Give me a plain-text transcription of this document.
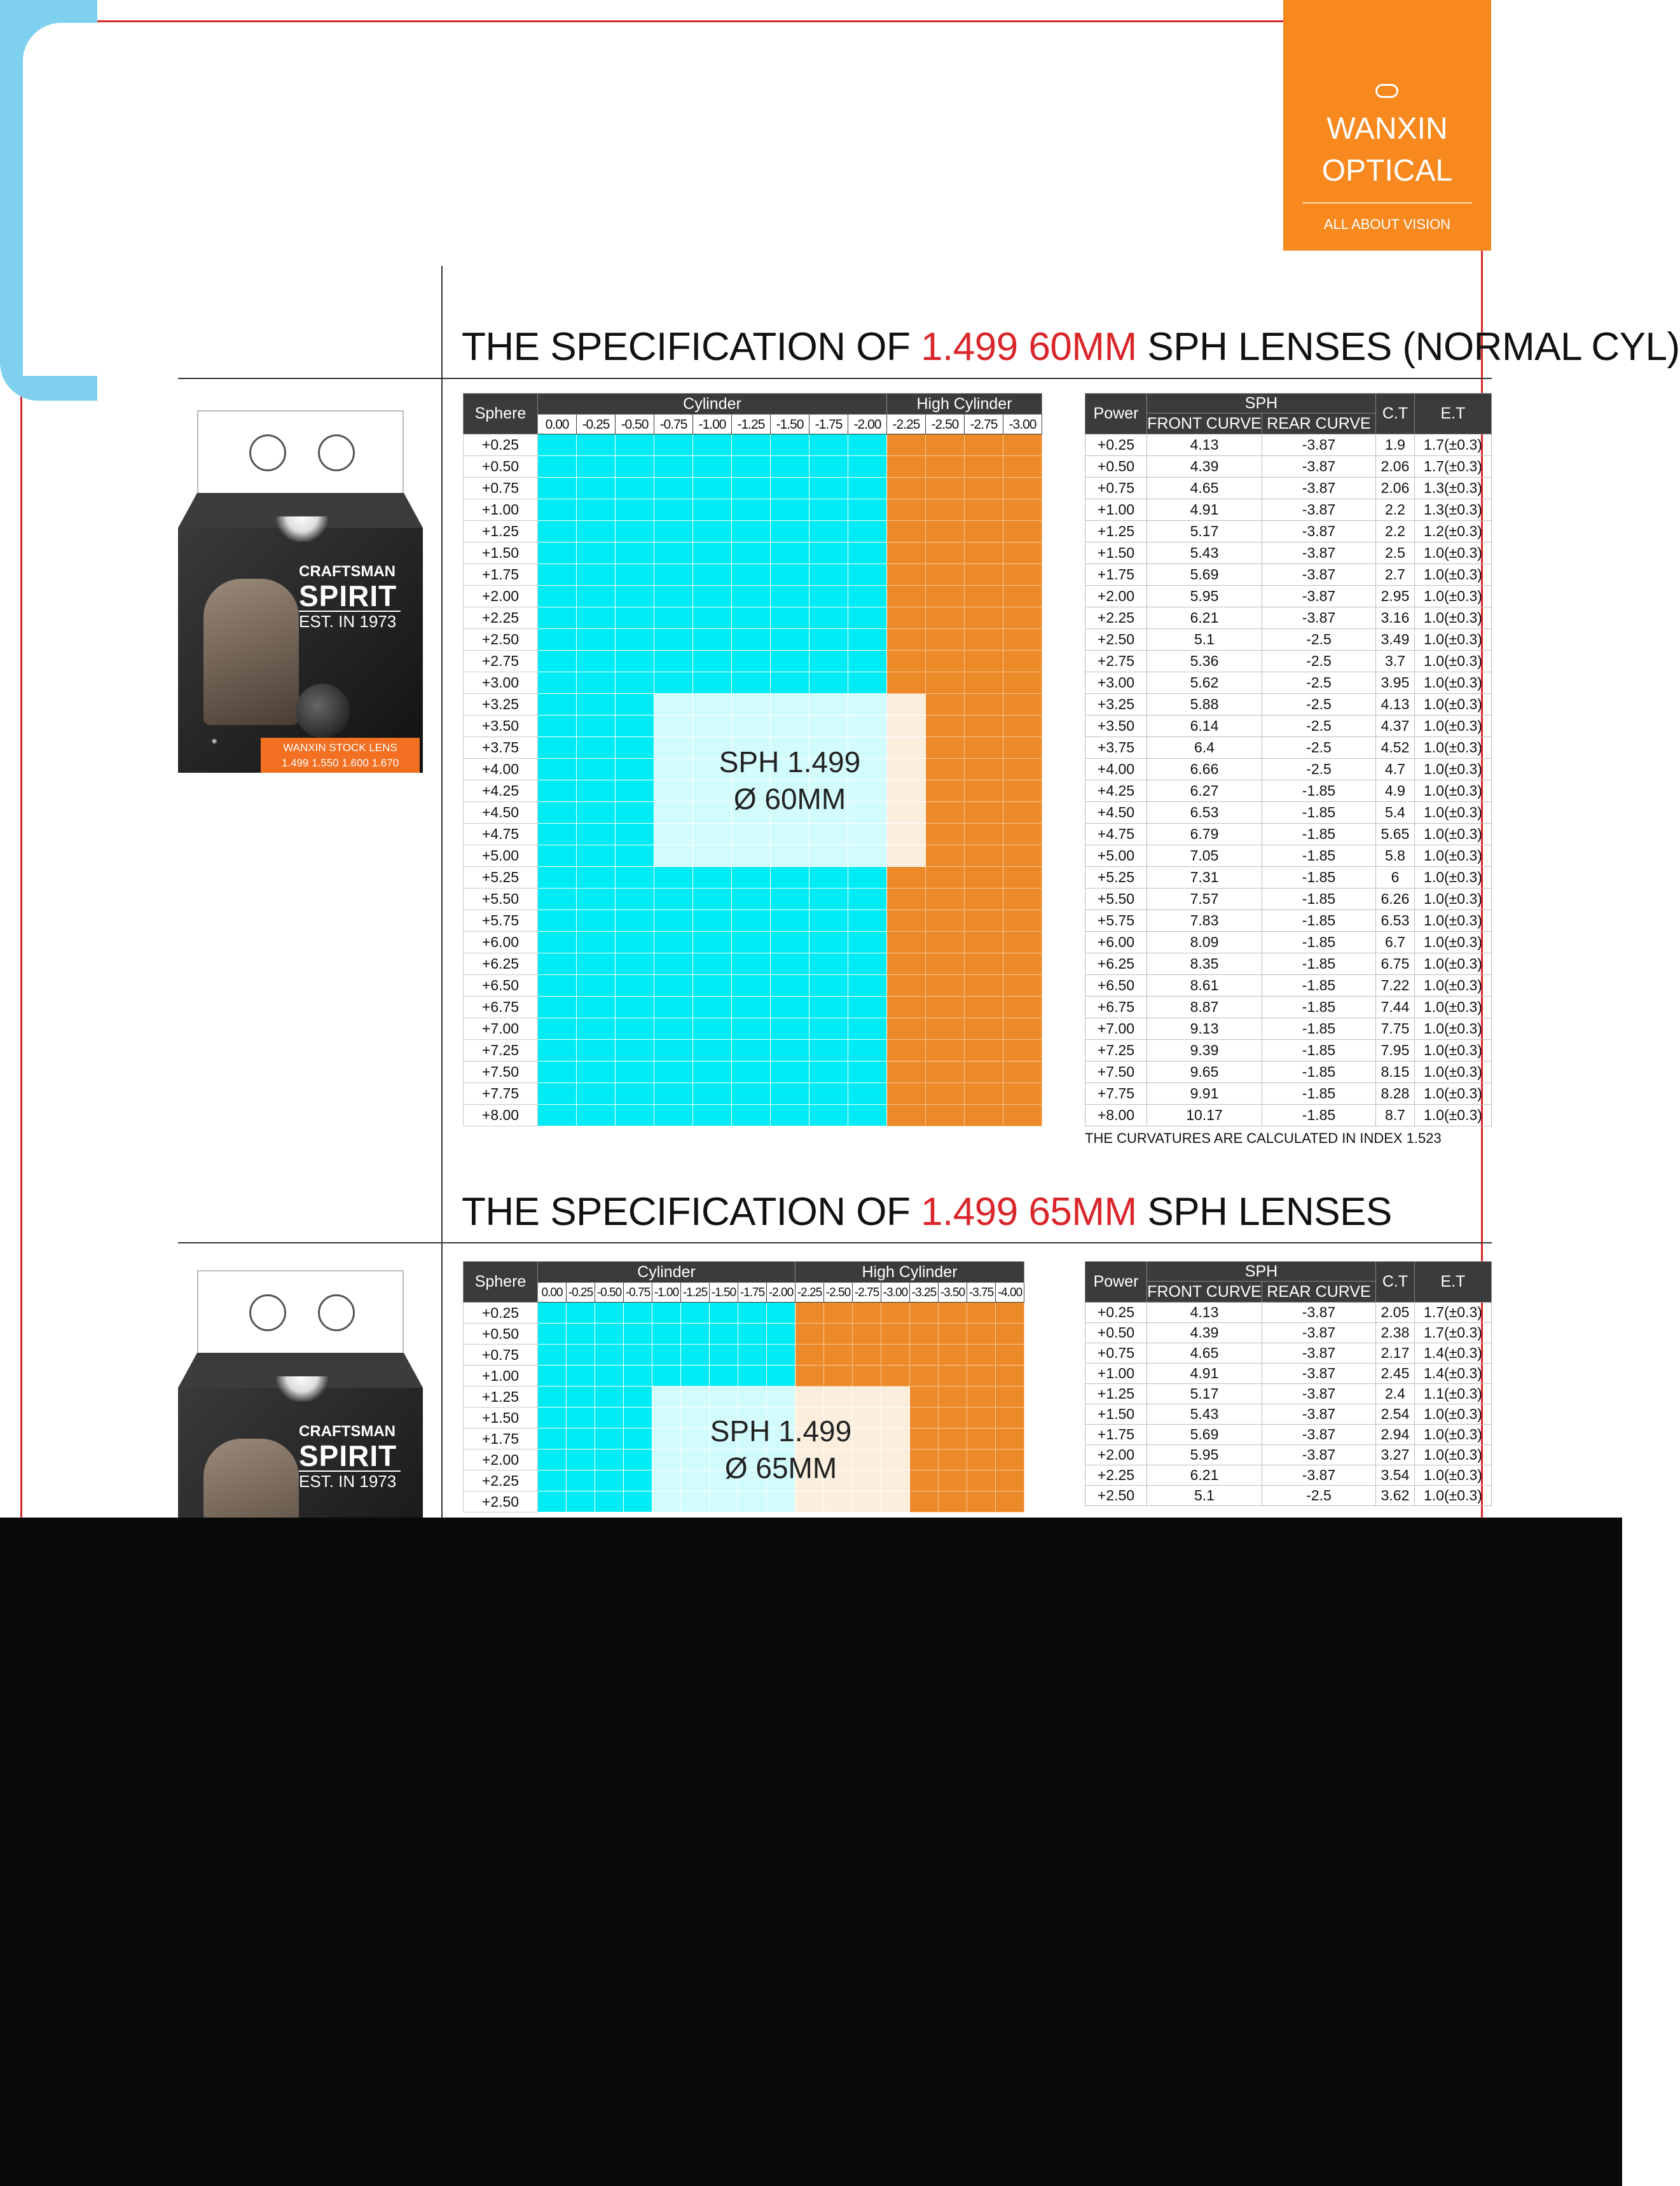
CLEAR
WANXIN
OPTICAL
ALL ABOUT VISION
THE SPECIFICATION OF 1.499 60MM SPH LENSES (NORMAL CYL)
CRAFTSMAN
SPIRIT
EST. IN 1973
◉
WANXIN STOCK LENS
1.499 1.550 1.600 1.670
Sphere	Cylinder									High Cylinder			
	0.00	-0.25	-0.50	-0.75	-1.00	-1.25	-1.50	-1.75	-2.00	-2.25	-2.50	-2.75	-3.00
+0.25													
+0.50													
+0.75													
+1.00													
+1.25													
+1.50													
+1.75													
+2.00													
+2.25													
+2.50													
+2.75													
+3.00													
+3.25													
+3.50													
+3.75													
+4.00													
+4.25													
+4.50													
+4.75													
+5.00													
+5.25													
+5.50													
+5.75													
+6.00													
+6.25													
+6.50													
+6.75													
+7.00													
+7.25													
+7.50													
+7.75													
+8.00													
SPH 1.499
Ø 60MM
Power	SPH		C.T	E.T
	FRONT CURVE	REAR CURVE		
+0.25	4.13	-3.87	1.9	1.7(±0.3)
+0.50	4.39	-3.87	2.06	1.7(±0.3)
+0.75	4.65	-3.87	2.06	1.3(±0.3)
+1.00	4.91	-3.87	2.2	1.3(±0.3)
+1.25	5.17	-3.87	2.2	1.2(±0.3)
+1.50	5.43	-3.87	2.5	1.0(±0.3)
+1.75	5.69	-3.87	2.7	1.0(±0.3)
+2.00	5.95	-3.87	2.95	1.0(±0.3)
+2.25	6.21	-3.87	3.16	1.0(±0.3)
+2.50	5.1	-2.5	3.49	1.0(±0.3)
+2.75	5.36	-2.5	3.7	1.0(±0.3)
+3.00	5.62	-2.5	3.95	1.0(±0.3)
+3.25	5.88	-2.5	4.13	1.0(±0.3)
+3.50	6.14	-2.5	4.37	1.0(±0.3)
+3.75	6.4	-2.5	4.52	1.0(±0.3)
+4.00	6.66	-2.5	4.7	1.0(±0.3)
+4.25	6.27	-1.85	4.9	1.0(±0.3)
+4.50	6.53	-1.85	5.4	1.0(±0.3)
+4.75	6.79	-1.85	5.65	1.0(±0.3)
+5.00	7.05	-1.85	5.8	1.0(±0.3)
+5.25	7.31	-1.85	6	1.0(±0.3)
+5.50	7.57	-1.85	6.26	1.0(±0.3)
+5.75	7.83	-1.85	6.53	1.0(±0.3)
+6.00	8.09	-1.85	6.7	1.0(±0.3)
+6.25	8.35	-1.85	6.75	1.0(±0.3)
+6.50	8.61	-1.85	7.22	1.0(±0.3)
+6.75	8.87	-1.85	7.44	1.0(±0.3)
+7.00	9.13	-1.85	7.75	1.0(±0.3)
+7.25	9.39	-1.85	7.95	1.0(±0.3)
+7.50	9.65	-1.85	8.15	1.0(±0.3)
+7.75	9.91	-1.85	8.28	1.0(±0.3)
+8.00	10.17	-1.85	8.7	1.0(±0.3)
THE CURVATURES ARE CALCULATED IN INDEX 1.523
THE SPECIFICATION OF 1.499 65MM SPH LENSES
CRAFTSMAN
SPIRIT
EST. IN 1973
Sphere	Cylinder									High Cylinder							
	0.00	-0.25	-0.50	-0.75	-1.00	-1.25	-1.50	-1.75	-2.00	-2.25	-2.50	-2.75	-3.00	-3.25	-3.50	-3.75	-4.00
+0.25																	
+0.50																	
+0.75																	
+1.00																	
+1.25																	
+1.50																	
+1.75																	
+2.00																	
+2.25																	
+2.50																	
SPH 1.499
Ø 65MM
Power	SPH		C.T	E.T
	FRONT CURVE	REAR CURVE		
+0.25	4.13	-3.87	2.05	1.7(±0.3)
+0.50	4.39	-3.87	2.38	1.7(±0.3)
+0.75	4.65	-3.87	2.17	1.4(±0.3)
+1.00	4.91	-3.87	2.45	1.4(±0.3)
+1.25	5.17	-3.87	2.4	1.1(±0.3)
+1.50	5.43	-3.87	2.54	1.0(±0.3)
+1.75	5.69	-3.87	2.94	1.0(±0.3)
+2.00	5.95	-3.87	3.27	1.0(±0.3)
+2.25	6.21	-3.87	3.54	1.0(±0.3)
+2.50	5.1	-2.5	3.62	1.0(±0.3)
